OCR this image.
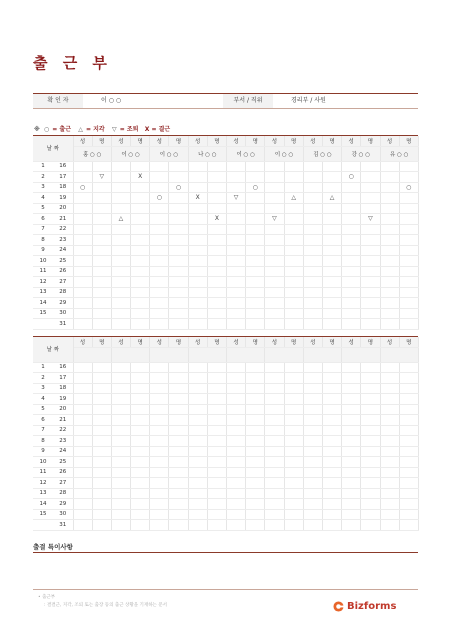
출 근 부
확 인 자	이 ○ ○	부서 / 직위	경리부 / 사원
※ ○ = 출근 △ = 지각 ▽ = 조퇴 X = 결근
날 짜		성	명	성	명	성	명	성	명	성	명	성	명	성	명	성	명	성	명
		홍 ○ ○		이 ○ ○		이 ○ ○		나 ○ ○		이 ○ ○		이 ○ ○		김 ○ ○		강 ○ ○		유 ○ ○	
1	16																		
2	17		▽		X											○			
3	18	○					○				○								○
4	19					○		X		▽			△		△				
5	20																		
6	21			△					X			▽					▽		
7	22																		
8	23																		
9	24																		
10	25																		
11	26																		
12	27																		
13	28																		
14	29																		
15	30																		
	31																		
날 짜		성	명	성	명	성	명	성	명	성	명	성	명	성	명	성	명	성	명

1	16																		
2	17																		
3	18																		
4	19																		
5	20																		
6	21																		
7	22																		
8	23																		
9	24																		
10	25																		
11	26																		
12	27																		
13	28																		
14	29																		
15	30																		
	31																		
출결 특이사항
• 출근부
: 결결근, 지각, 조퇴 또는 출장 등의 출근 상황을 기재하는 문서	Bizforms
